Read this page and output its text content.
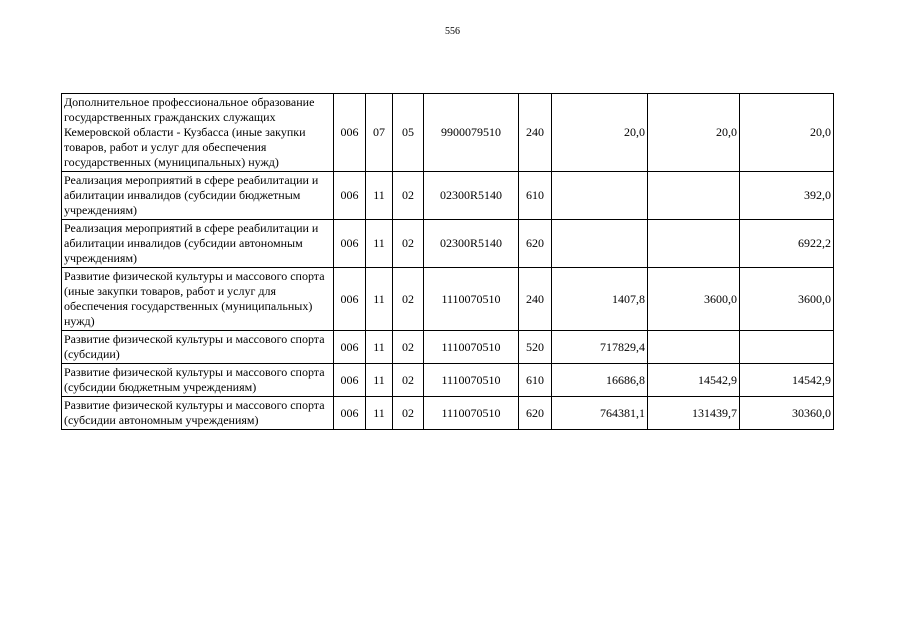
556
Дополнительное профессиональное образование государственных гражданских служащих Кемеровской области - Кузбасса (иные закупки товаров, работ и услуг для обеспечения государственных (муниципальных) нужд)	006	07	05	9900079510	240	20,0	20,0	20,0
Реализация мероприятий в сфере реабилитации и абилитации инвалидов (субсидии бюджетным учреждениям)	006	11	02	02300R5140	610			392,0
Реализация мероприятий в сфере реабилитации и абилитации инвалидов (субсидии автономным учреждениям)	006	11	02	02300R5140	620			6922,2
Развитие физической культуры и массового спорта (иные закупки товаров, работ и услуг для обеспечения государственных (муниципальных) нужд)	006	11	02	1110070510	240	1407,8	3600,0	3600,0
Развитие физической культуры и массового спорта (субсидии)	006	11	02	1110070510	520	717829,4		
Развитие физической культуры и массового спорта (субсидии бюджетным учреждениям)	006	11	02	1110070510	610	16686,8	14542,9	14542,9
Развитие физической культуры и массового спорта (субсидии автономным учреждениям)	006	11	02	1110070510	620	764381,1	131439,7	30360,0
